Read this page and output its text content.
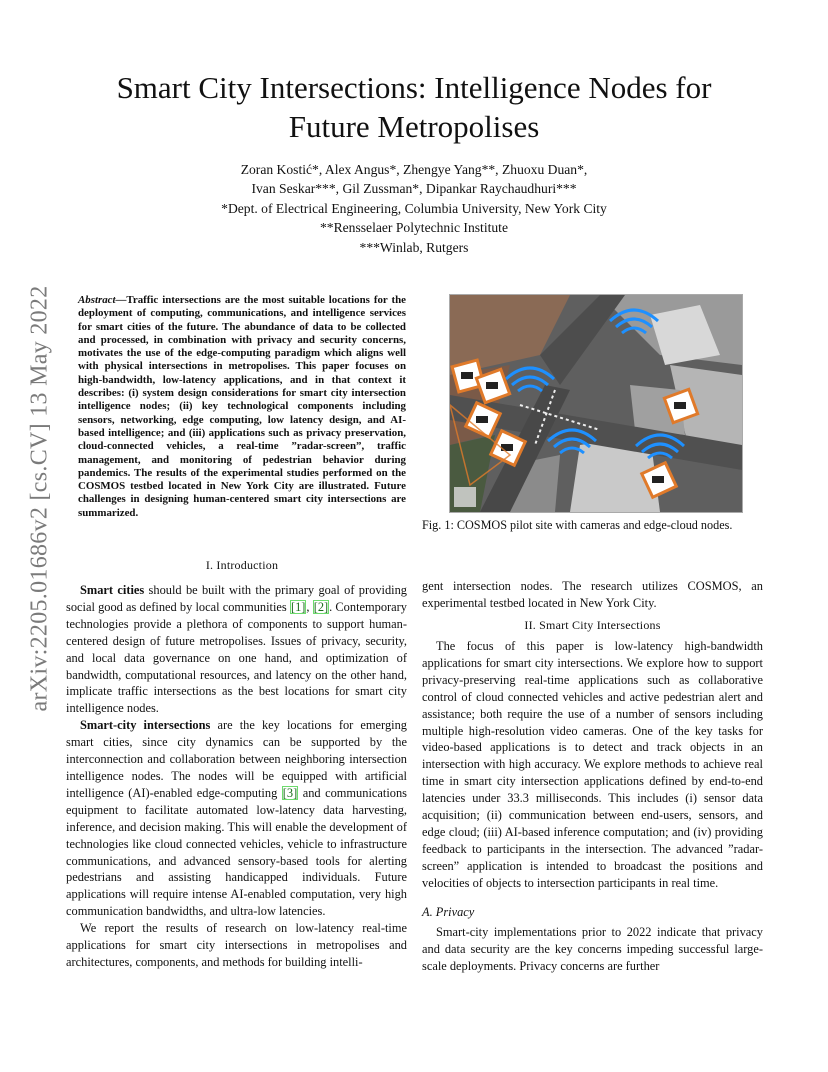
Smart City Intersections: Intelligence Nodes for
Future Metropolises
Zoran Kostić*, Alex Angus*, Zhengye Yang**, Zhuoxu Duan*,
Ivan Seskar***, Gil Zussman*, Dipankar Raychaudhuri***
*Dept. of Electrical Engineering, Columbia University, New York City
**Rensselaer Polytechnic Institute
***Winlab, Rutgers
arXiv:2205.01686v2 [cs.CV] 13 May 2022 Abstract—Traffic intersections are the most suitable locations for the deployment of computing, communications, and intelligence services for smart cities of the future. The abundance of data to be collected and processed, in combination with privacy and security concerns, motivates the use of the edge-computing paradigm which aligns well with physical intersections in metropolises. This paper focuses on high-bandwidth, low-latency applications, and in that context it describes: (i) system design considerations for smart city intersection intelligence nodes; (ii) key technological components including sensors, networking, edge computing, low latency design, and AI-based intelligence; and (iii) applications such as privacy preservation, cloud-connected vehicles, a real-time ”radar-screen”, traffic management, and monitoring of pedestrian behavior during pandemics. The results of the experimental studies performed on the COSMOS testbed located in New York City are illustrated. Future challenges in designing human-centered smart city intersections are summarized.
Fig. 1: COSMOS pilot site with cameras and edge-cloud nodes.
I. Introduction

Smart cities should be built with the primary goal of providing social good as defined by local communities [1], [2]. Contemporary technologies provide a plethora of components to support human-centered design of future metropolises. Issues of privacy, security, and local data governance on one hand, and optimization of bandwidth, computational resources, and latency on the other hand, implicate traffic intersections as the best locations for smart city intelligence nodes.

Smart-city intersections are the key locations for emerging smart cities, since city dynamics can be supported by the interconnection and collaboration between neighboring intersection intelligence nodes. The nodes will be equipped with artificial intelligence (AI)-enabled edge-computing [3] and communications equipment to facilitate automated low-latency data harvesting, inference, and decision making. This will enable the development of technologies like cloud connected vehicles, vehicle to infrastructure communications, and advanced sensory-based tools for alerting pedestrians and assisting handicapped individuals. Future applications will require intense AI-enabled computation, very high communication bandwidths, and ultra-low latencies.

We report the results of research on low-latency real-time applications for smart city intersections in metropolises and architectures, components, and methods for building intelli-

gent intersection nodes. The research utilizes COSMOS, an experimental testbed located in New York City.

II. Smart City Intersections

The focus of this paper is low-latency high-bandwidth applications for smart city intersections. We explore how to support privacy-preserving real-time applications such as collaborative control of cloud connected vehicles and active pedestrian alert and assistance; both require the use of a number of sensors including multiple high-resolution video cameras. One of the key tasks for video-based applications is to detect and track objects in an intersection with high accuracy. We explore methods to achieve real time in smart city intersection applications defined by end-to-end latencies under 33.3 milliseconds. This includes (i) sensor data acquisition; (ii) communication between end-users, sensors, and edge cloud; (iii) AI-based inference computation; and (iv) providing feedback to participants in the intersection. The advanced ”radar-screen” application is intended to broadcast the positions and velocities of objects to intersection participants in real time.

A. Privacy

Smart-city implementations prior to 2022 indicate that privacy and data security are the key concerns impeding successful large-scale deployments. Privacy concerns are further
